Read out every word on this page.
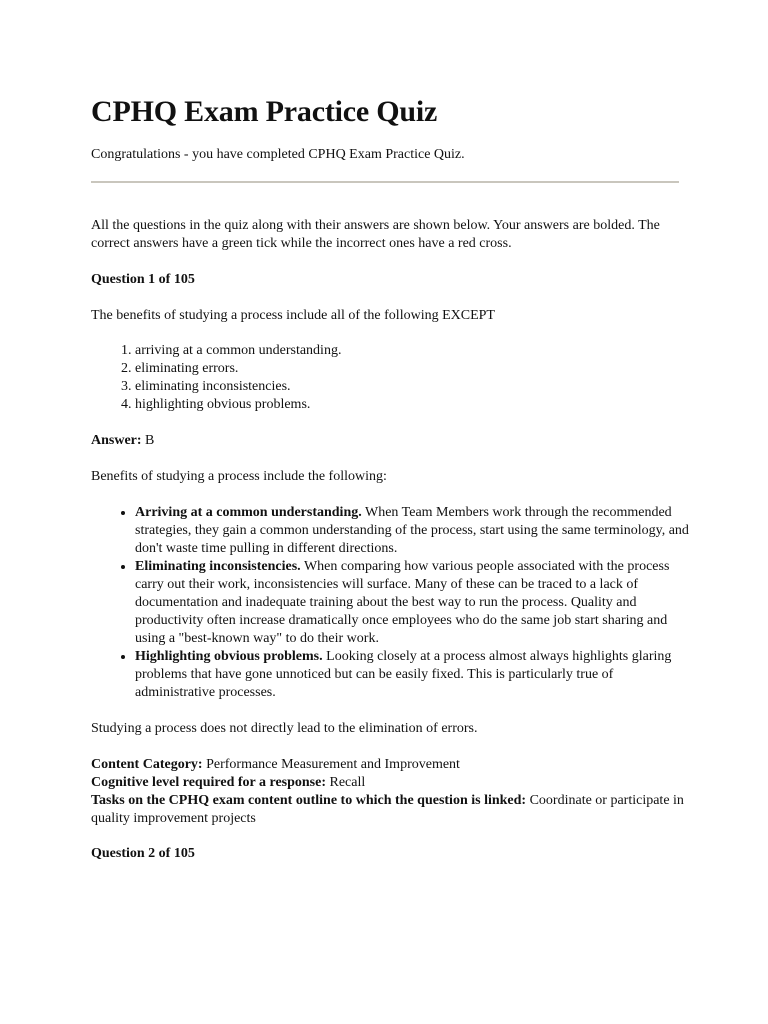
CPHQ Exam Practice Quiz

Congratulations - you have completed CPHQ Exam Practice Quiz.

All the questions in the quiz along with their answers are shown below. Your answers are bolded. The correct answers have a green tick while the incorrect ones have a red cross.

Question 1 of 105

The benefits of studying a process include all of the following EXCEPT

1. arriving at a common understanding.
2. eliminating errors.
3. eliminating inconsistencies.
4. highlighting obvious problems.

Answer: B

Benefits of studying a process include the following:

• Arriving at a common understanding. When Team Members work through the recommended strategies, they gain a common understanding of the process, start using the same terminology, and don't waste time pulling in different directions.
• Eliminating inconsistencies. When comparing how various people associated with the process carry out their work, inconsistencies will surface. Many of these can be traced to a lack of documentation and inadequate training about the best way to run the process. Quality and productivity often increase dramatically once employees who do the same job start sharing and using a "best-known way" to do their work.
• Highlighting obvious problems. Looking closely at a process almost always highlights glaring problems that have gone unnoticed but can be easily fixed. This is particularly true of administrative processes.

Studying a process does not directly lead to the elimination of errors.

Content Category: Performance Measurement and Improvement

Cognitive level required for a response: Recall

Tasks on the CPHQ exam content outline to which the question is linked: Coordinate or participate in quality improvement projects

Question 2 of 105
